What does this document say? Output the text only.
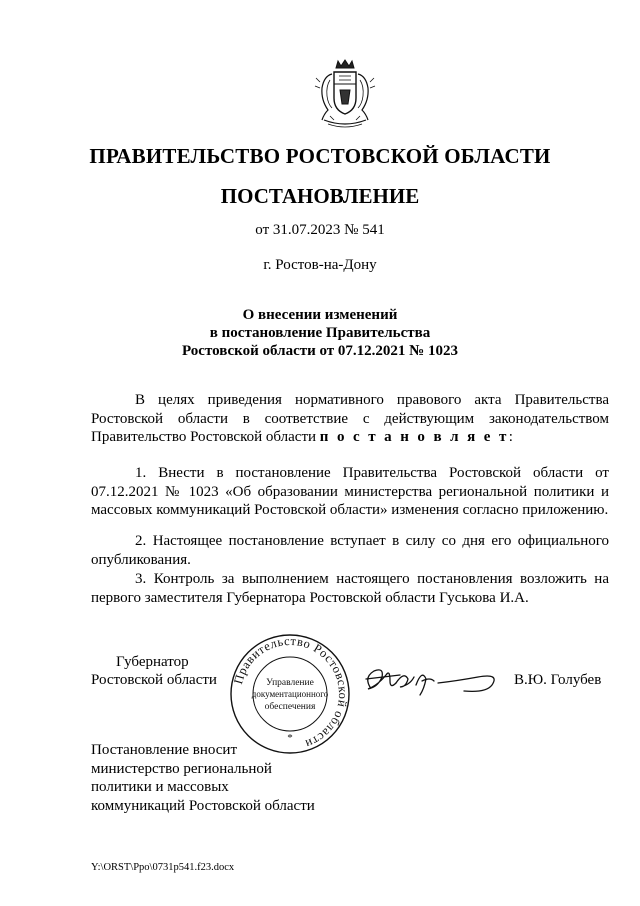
ПРАВИТЕЛЬСТВО РОСТОВСКОЙ ОБЛАСТИ
ПОСТАНОВЛЕНИЕ
от 31.07.2023 № 541
г. Ростов-на-Дону
О внесении изменений
в постановление Правительства
Ростовской области от 07.12.2021 № 1023

В целях приведения нормативного правового акта Правительства Ростовской области в соответствие с действующим законодательством Правительство Ростовской области п о с т а н о в л я е т:

1. Внести в постановление Правительства Ростовской области от 07.12.2021 № 1023 «Об образовании министерства региональной политики и массовых коммуникаций Ростовской области» изменения согласно приложению.

2. Настоящее постановление вступает в силу со дня его официального опубликования.

3. Контроль за выполнением настоящего постановления возложить на первого заместителя Губернатора Ростовской области Гуськова И.А.

Губернатор
Ростовской области	В.Ю. Голубев
Правительство Ростовской области
Управление
документационного
обеспечения
*
Постановление вносит
министерство региональной
политики и массовых
коммуникаций Ростовской области
Y:\ORST\Ppo\0731p541.f23.docx
